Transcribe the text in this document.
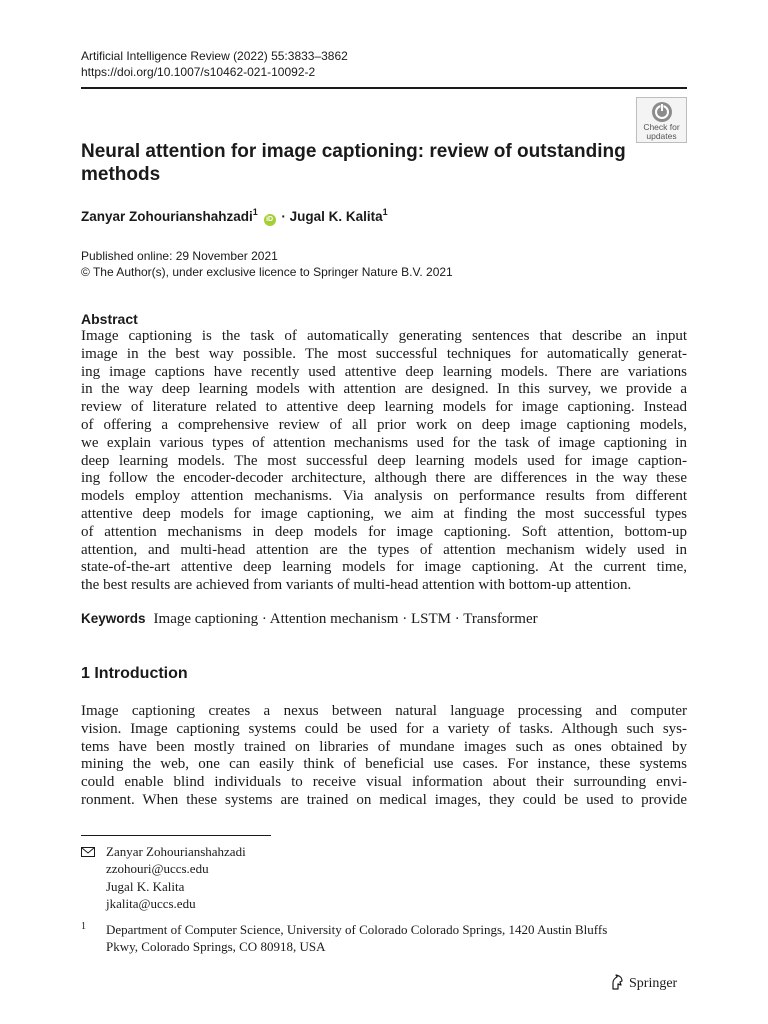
Artificial Intelligence Review (2022) 55:3833–3862
https://doi.org/10.1007/s10462-021-10092-2
Check for
updates
Neural attention for image captioning: review of outstanding methods
Zanyar Zohourianshahzadi$^1$ iD · Jugal K. Kalita$^1$
Published online: 29 November 2021
© The Author(s), under exclusive licence to Springer Nature B.V. 2021
Abstract
Image captioning is the task of automatically generating sentences that describe an input
image in the best way possible. The most successful techniques for automatically generat-
ing image captions have recently used attentive deep learning models. There are variations
in the way deep learning models with attention are designed. In this survey, we provide a
review of literature related to attentive deep learning models for image captioning. Instead
of offering a comprehensive review of all prior work on deep image captioning models,
we explain various types of attention mechanisms used for the task of image captioning in
deep learning models. The most successful deep learning models used for image caption-
ing follow the encoder-decoder architecture, although there are differences in the way these
models employ attention mechanisms. Via analysis on performance results from different
attentive deep models for image captioning, we aim at finding the most successful types
of attention mechanisms in deep models for image captioning. Soft attention, bottom-up
attention, and multi-head attention are the types of attention mechanism widely used in
state-of-the-art attentive deep learning models for image captioning. At the current time,
the best results are achieved from variants of multi-head attention with bottom-up attention.
Keywords Image captioning · Attention mechanism · LSTM · Transformer
1 Introduction
Image captioning creates a nexus between natural language processing and computer
vision. Image captioning systems could be used for a variety of tasks. Although such sys-
tems have been mostly trained on libraries of mundane images such as ones obtained by
mining the web, one can easily think of beneficial use cases. For instance, these systems
could enable blind individuals to receive visual information about their surrounding envi-
ronment. When these systems are trained on medical images, they could be used to provide
Zanyar Zohourianshahzadi
zzohouri@uccs.edu
Jugal K. Kalita
jkalita@uccs.edu
1 Department of Computer Science, University of Colorado Colorado Springs, 1420 Austin Bluffs
Pkwy, Colorado Springs, CO 80918, USA
Springer
